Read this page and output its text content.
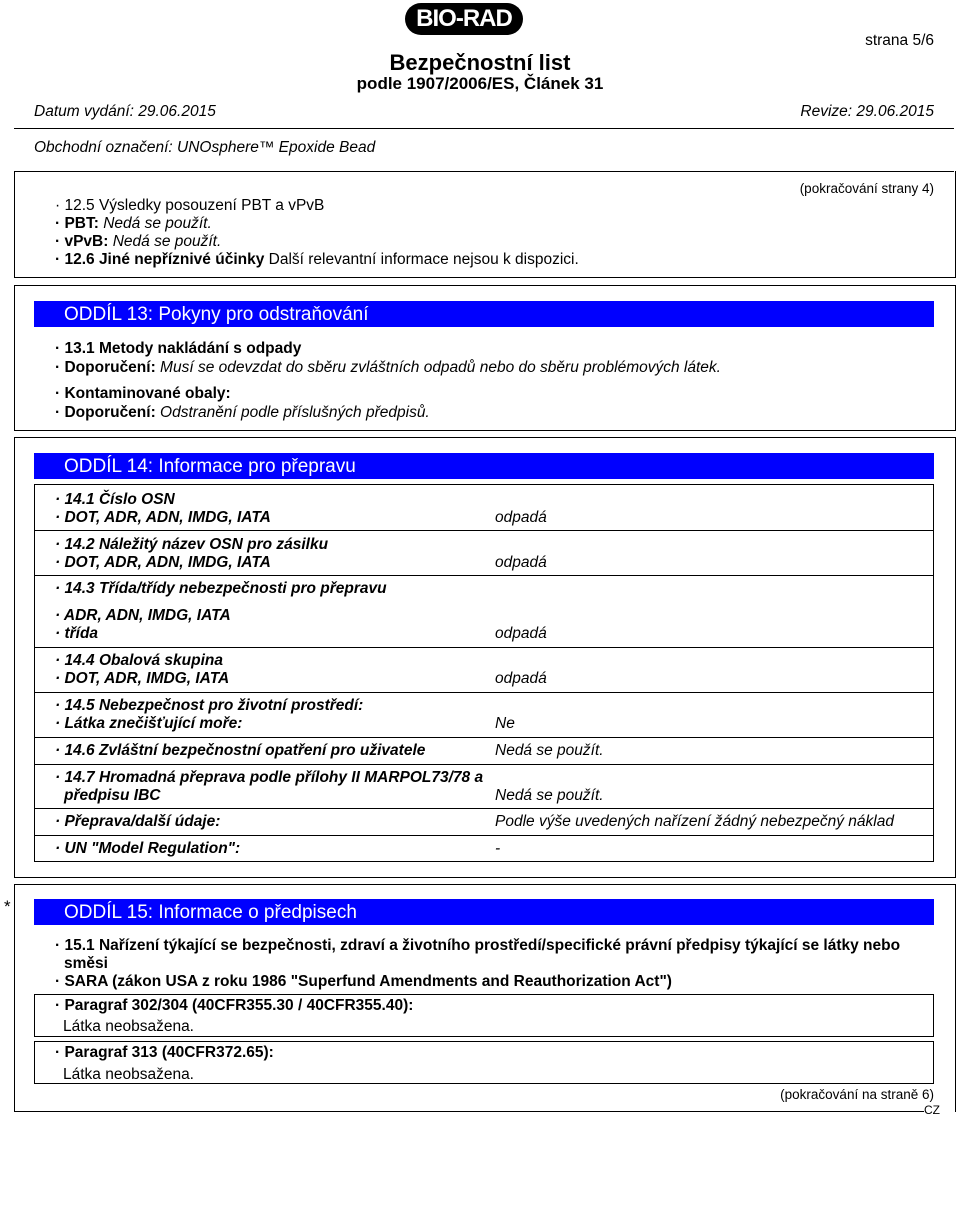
BIO-RAD
strana 5/6
Bezpečnostní list
podle 1907/2006/ES, Článek 31
Datum vydání: 29.06.2015	Revize: 29.06.2015
Obchodní označení: UNOsphere™ Epoxide Bead
(pokračování strany 4)
· 12.5 Výsledky posouzení PBT a vPvB
· PBT: Nedá se použít.
· vPvB: Nedá se použít.
· 12.6 Jiné nepříznivé účinky Další relevantní informace nejsou k dispozici.
ODDÍL 13: Pokyny pro odstraňování
· 13.1 Metody nakládání s odpady
· Doporučení: Musí se odevzdat do sběru zvláštních odpadů nebo do sběru problémových látek.
· Kontaminované obaly:
· Doporučení: Odstranění podle příslušných předpisů.
ODDÍL 14: Informace pro přepravu
· 14.1 Číslo OSN
· DOT, ADR, ADN, IMDG, IATA	odpadá
· 14.2 Náležitý název OSN pro zásilku
· DOT, ADR, ADN, IMDG, IATA	odpadá
· 14.3 Třída/třídy nebezpečnosti pro přepravu
· ADR, ADN, IMDG, IATA
· třída	odpadá
· 14.4 Obalová skupina
· DOT, ADR, IMDG, IATA	odpadá
· 14.5 Nebezpečnost pro životní prostředí:
· Látka znečišťující moře:	Ne
· 14.6 Zvláštní bezpečnostní opatření pro uživatele	Nedá se použít.
· 14.7 Hromadná přeprava podle přílohy II MARPOL73/78 a
předpisu IBC	Nedá se použít.
· Přeprava/další údaje:	Podle výše uvedených nařízení žádný nebezpečný náklad
· UN "Model Regulation":	-
*	ODDÍL 15: Informace o předpisech
· 15.1 Nařízení týkající se bezpečnosti, zdraví a životního prostředí/specifické právní předpisy týkající se látky nebo
směsi
· SARA (zákon USA z roku 1986 "Superfund Amendments and Reauthorization Act")
· Paragraf 302/304 (40CFR355.30 / 40CFR355.40):
Látka neobsažena.
· Paragraf 313 (40CFR372.65):
Látka neobsažena.
(pokračování na straně 6)
CZ
